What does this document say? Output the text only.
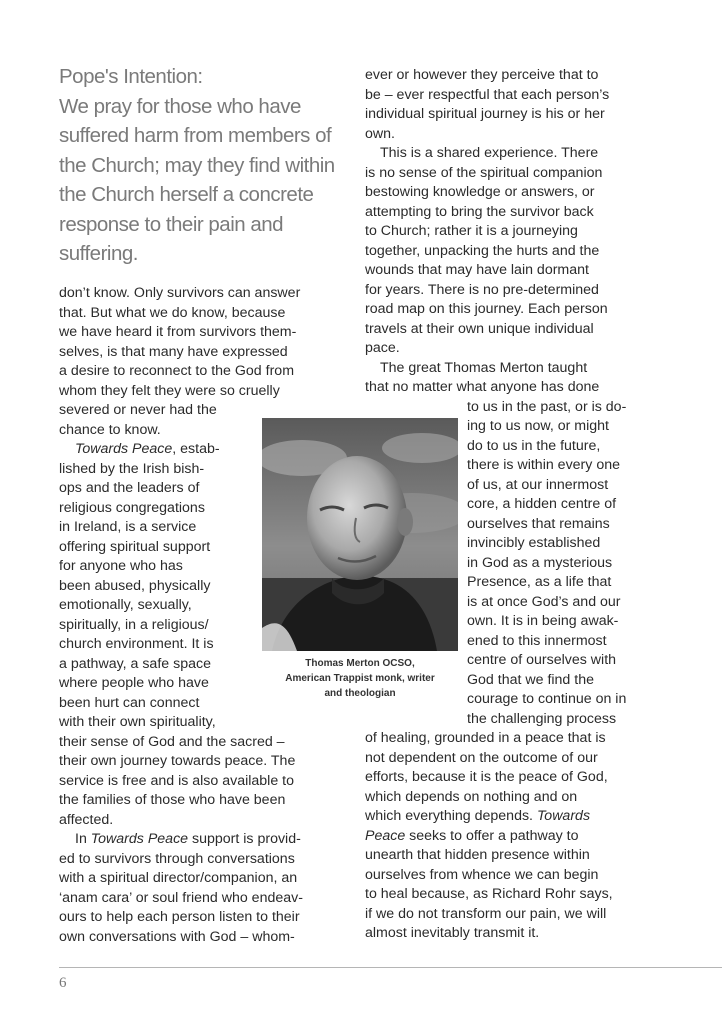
Pope's Intention:
We pray for those who have suffered harm from members of the Church; may they find within the Church herself a concrete response to their pain and suffering.
don’t know. Only survivors can answer
that. But what we do know, because
we have heard it from survivors them-
selves, is that many have expressed
a desire to reconnect to the God from
whom they felt they were so cruelly
severed or never had the
chance to know.
Towards Peace, estab-
lished by the Irish bish-
ops and the leaders of
religious congregations
in Ireland, is a service
offering spiritual support
for anyone who has
been abused, physically
emotionally, sexually,
spiritually, in a religious/
church environment. It is
a pathway, a safe space
where people who have
been hurt can connect
with their own spirituality,
their sense of God and the sacred –
their own journey towards peace. The
service is free and is also available to
the families of those who have been
affected.
In Towards Peace support is provid-
ed to survivors through conversations
with a spiritual director/companion, an
‘anam cara’ or soul friend who endeav-
ours to help each person listen to their
own conversations with God – whom-
ever or however they perceive that to
be – ever respectful that each person’s
individual spiritual journey is his or her
own.
This is a shared experience. There
is no sense of the spiritual companion
bestowing knowledge or answers, or
attempting to bring the survivor back
to Church; rather it is a journeying
together, unpacking the hurts and the
wounds that may have lain dormant
for years. There is no pre-determined
road map on this journey. Each person
travels at their own unique individual
pace.
The great Thomas Merton taught
that no matter what anyone has done
to us in the past, or is do-
ing to us now, or might
do to us in the future,
there is within every one
of us, at our innermost
core, a hidden centre of
ourselves that remains
invincibly established
in God as a mysterious
Presence, as a life that
is at once God’s and our
own. It is in being awak-
ened to this innermost
centre of ourselves with
God that we find the
courage to continue on in
the challenging process
of healing, grounded in a peace that is
not dependent on the outcome of our
efforts, because it is the peace of God,
which depends on nothing and on
which everything depends. Towards
Peace seeks to offer a pathway to
unearth that hidden presence within
ourselves from whence we can begin
to heal because, as Richard Rohr says,
if we do not transform our pain, we will
almost inevitably transmit it.
Thomas Merton OCSO,
American Trappist monk, writer
and theologian
6
